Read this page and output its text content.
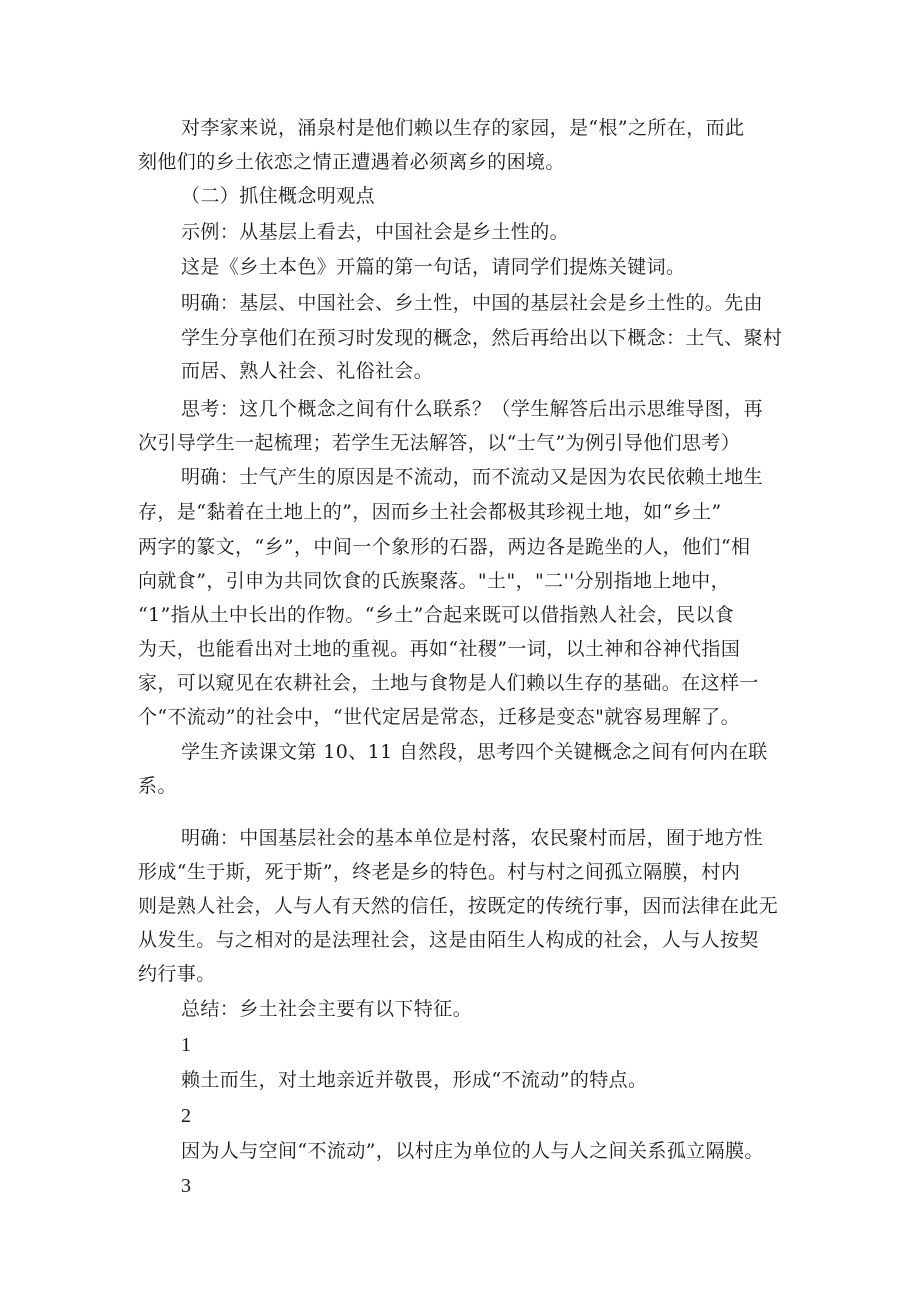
对李家来说，涌泉村是他们赖以生存的家园，是“根”之所在，而此
刻他们的乡土依恋之情正遭遇着必须离乡的困境。
（二）抓住概念明观点
示例：从基层上看去，中国社会是乡土性的。
这是《乡土本色》开篇的第一句话，请同学们提炼关键词。
明确：基层、中国社会、乡土性，中国的基层社会是乡土性的。先由
学生分享他们在预习时发现的概念，然后再给出以下概念：土气、聚村
而居、熟人社会、礼俗社会。
思考：这几个概念之间有什么联系？（学生解答后出示思维导图，再
次引导学生一起梳理；若学生无法解答，以“士气”为例引导他们思考）
明确：士气产生的原因是不流动，而不流动又是因为农民依赖土地生
存，是“黏着在土地上的”，因而乡土社会都极其珍视土地，如“乡土”
两字的篆文，“乡”，中间一个象形的石器，两边各是跪坐的人，他们“相
向就食”，引申为共同饮食的氏族聚落。"土"，"二''分别指地上地中，
“1”指从土中长出的作物。“乡土”合起来既可以借指熟人社会，民以食
为天，也能看出对土地的重视。再如“社稷”一词，以土神和谷神代指国
家，可以窥见在农耕社会，土地与食物是人们赖以生存的基础。在这样一
个“不流动”的社会中，“世代定居是常态，迁移是变态"就容易理解了。
学生齐读课文第 10、11 自然段，思考四个关键概念之间有何内在联
系。
明确：中国基层社会的基本单位是村落，农民聚村而居，囿于地方性
形成“生于斯，死于斯”，终老是乡的特色。村与村之间孤立隔膜，村内
则是熟人社会，人与人有天然的信任，按既定的传统行事，因而法律在此无
从发生。与之相对的是法理社会，这是由陌生人构成的社会，人与人按契
约行事。
总结：乡土社会主要有以下特征。
1
赖土而生，对土地亲近并敬畏，形成“不流动”的特点。
2
因为人与空间“不流动”，以村庄为单位的人与人之间关系孤立隔膜。
3
